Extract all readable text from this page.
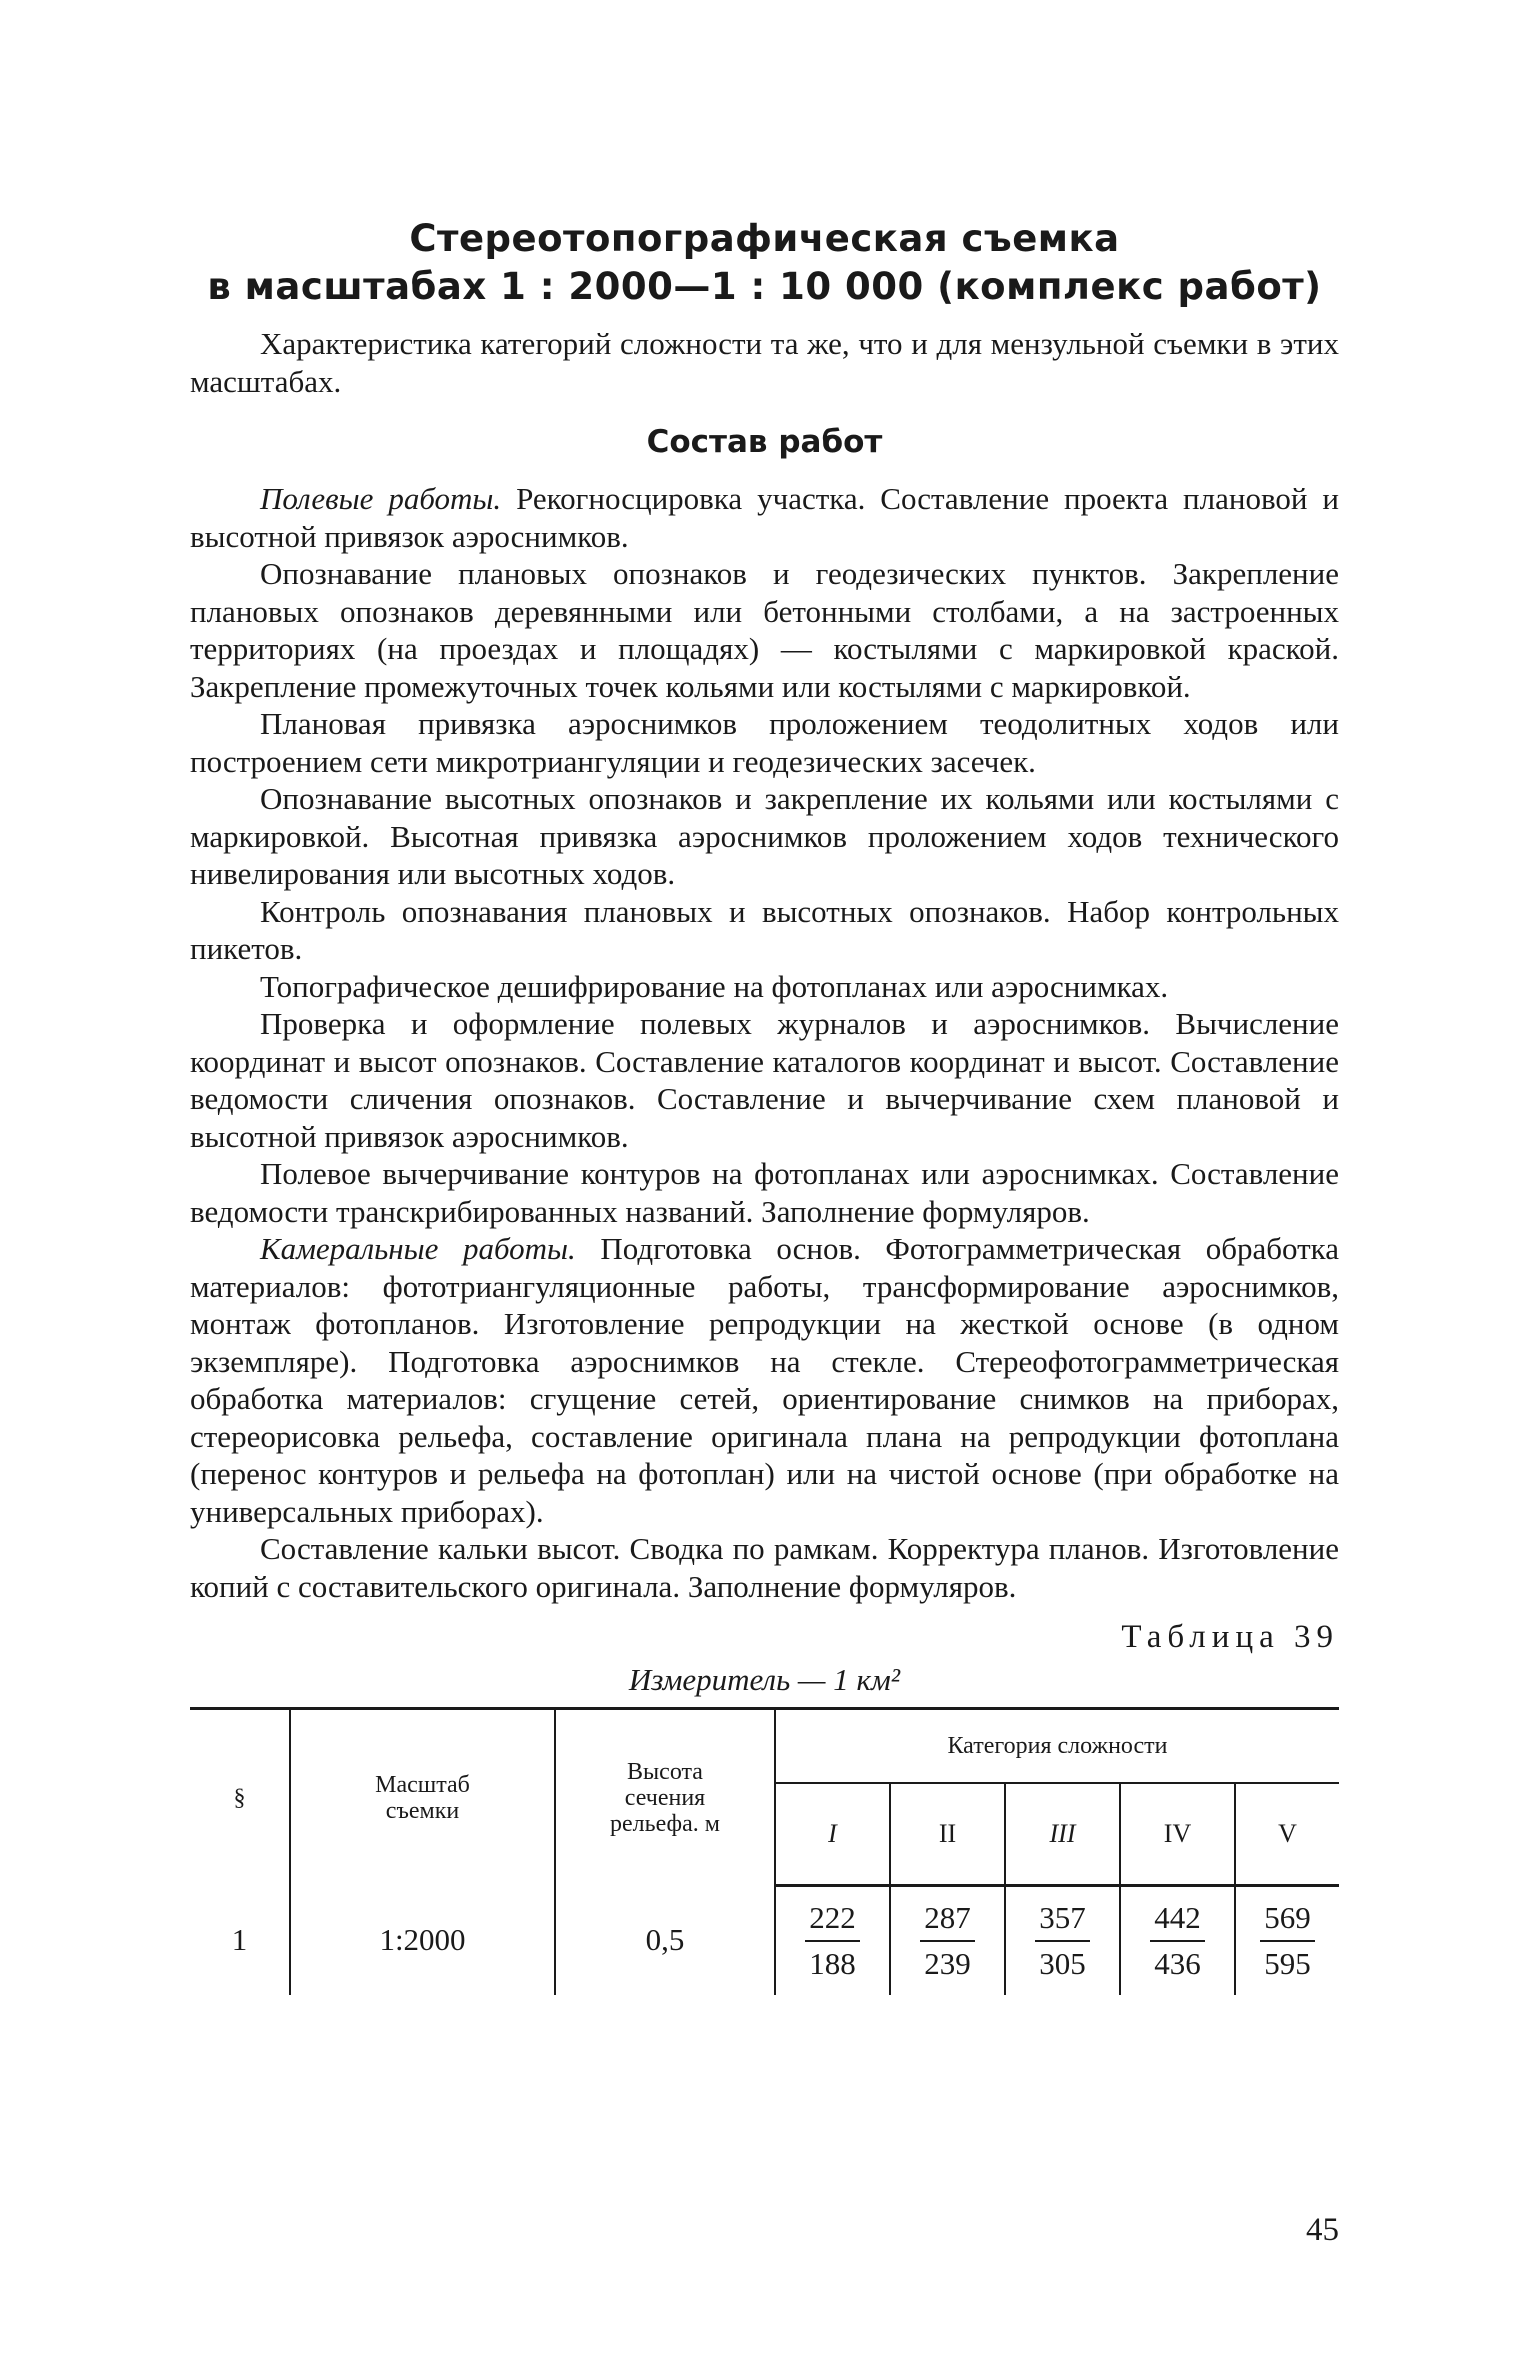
Стереотопографическая съемка
в масштабах 1 : 2000—1 : 10 000 (комплекс работ)

Характеристика категорий сложности та же, что и для мензульной съемки в этих масштабах.

Состав работ

Полевые работы. Рекогносцировка участка. Составление проекта плановой и высотной привязок аэроснимков.

Опознавание плановых опознаков и геодезических пунктов. Закрепление плановых опознаков деревянными или бетонными столбами, а на застроенных территориях (на проездах и площадях) — костылями с маркировкой краской. Закрепление промежуточных точек кольями или костылями с маркировкой.

Плановая привязка аэроснимков проложением теодолитных ходов или построением сети микротриангуляции и геодезических засечек.

Опознавание высотных опознаков и закрепление их кольями или костылями с маркировкой. Высотная привязка аэроснимков проложением ходов технического нивелирования или высотных ходов.

Контроль опознавания плановых и высотных опознаков. Набор контрольных пикетов.

Топографическое дешифрирование на фотопланах или аэроснимках.

Проверка и оформление полевых журналов и аэроснимков. Вычисление координат и высот опознаков. Составление каталогов координат и высот. Составление ведомости сличения опознаков. Составление и вычерчивание схем плановой и высотной привязок аэроснимков.

Полевое вычерчивание контуров на фотопланах или аэроснимках. Составление ведомости транскрибированных названий. Заполнение формуляров.

Камеральные работы. Подготовка основ. Фотограмметрическая обработка материалов: фототриангуляционные работы, трансформирование аэроснимков, монтаж фотопланов. Изготовление репродукции на жесткой основе (в одном экземпляре). Подготовка аэроснимков на стекле. Стереофотограмметрическая обработка материалов: сгущение сетей, ориентирование снимков на приборах, стереорисовка рельефа, составление оригинала плана на репродукции фотоплана (перенос контуров и рельефа на фотоплан) или на чистой основе (при обработке на универсальных приборах).

Составление кальки высот. Сводка по рамкам. Корректура планов. Изготовление копий с составительского оригинала. Заполнение формуляров.

Таблица 39
Измеритель — 1 км²
§	Масштаб съемки	Высота сечения рельефа. м	Категория сложности				
			I	II	III	IV	V
1	1:2000	0,5	$\frac{222}{188}$	$\frac{287}{239}$	$\frac{357}{305}$	$\frac{442}{436}$	$\frac{569}{595}$
45
